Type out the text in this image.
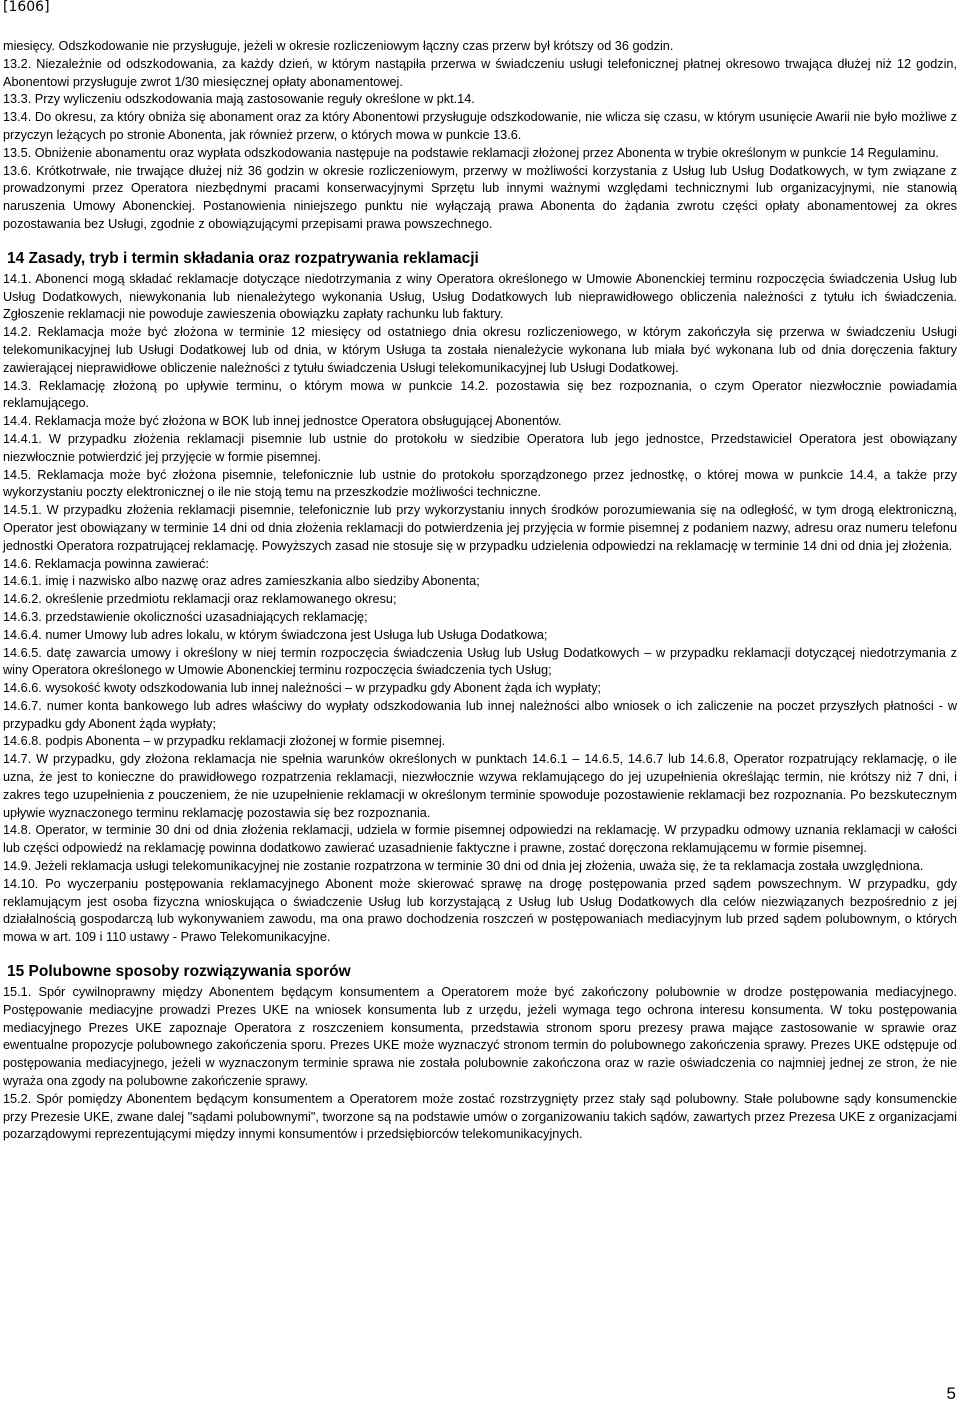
[1606]

miesięcy. Odszkodowanie nie przysługuje, jeżeli w okresie rozliczeniowym łączny czas przerw był krótszy od 36 godzin.

13.2. Niezależnie od odszkodowania, za każdy dzień, w którym nastąpiła przerwa w świadczeniu usługi telefonicznej płatnej okresowo trwająca dłużej niż 12 godzin, Abonentowi przysługuje zwrot 1/30 miesięcznej opłaty abonamentowej.

13.3. Przy wyliczeniu odszkodowania mają zastosowanie reguły określone w pkt.14.

13.4. Do okresu, za który obniża się abonament oraz za który Abonentowi przysługuje odszkodowanie, nie wlicza się czasu, w którym usunięcie Awarii nie było możliwe z przyczyn leżących po stronie Abonenta, jak również przerw, o których mowa w punkcie 13.6.

13.5. Obniżenie abonamentu oraz wypłata odszkodowania następuje na podstawie reklamacji złożonej przez Abonenta w trybie określonym w punkcie 14 Regulaminu.

13.6. Krótkotrwałe, nie trwające dłużej niż 36 godzin w okresie rozliczeniowym, przerwy w możliwości korzystania z Usług lub Usług Dodatkowych, w tym związane z prowadzonymi przez Operatora niezbędnymi pracami konserwacyjnymi Sprzętu lub innymi ważnymi względami technicznymi lub organizacyjnymi, nie stanowią naruszenia Umowy Abonenckiej. Postanowienia niniejszego punktu nie wyłączają prawa Abonenta do żądania zwrotu części opłaty abonamentowej za okres pozostawania bez Usługi, zgodnie z obowiązującymi przepisami prawa powszechnego.

14 Zasady, tryb i termin składania oraz rozpatrywania reklamacji

14.1. Abonenci mogą składać reklamacje dotyczące niedotrzymania z winy Operatora określonego w Umowie Abonenckiej terminu rozpoczęcia świadczenia Usług lub Usług Dodatkowych, niewykonania lub nienależytego wykonania Usług, Usług Dodatkowych lub nieprawidłowego obliczenia należności z tytułu ich świadczenia. Zgłoszenie reklamacji nie powoduje zawieszenia obowiązku zapłaty rachunku lub faktury.

14.2. Reklamacja może być złożona w terminie 12 miesięcy od ostatniego dnia okresu rozliczeniowego, w którym zakończyła się przerwa w świadczeniu Usługi telekomunikacyjnej lub Usługi Dodatkowej lub od dnia, w którym Usługa ta została nienależycie wykonana lub miała być wykonana lub od dnia doręczenia faktury zawierającej nieprawidłowe obliczenie należności z tytułu świadczenia Usługi telekomunikacyjnej lub Usługi Dodatkowej.

14.3. Reklamację złożoną po upływie terminu, o którym mowa w punkcie 14.2. pozostawia się bez rozpoznania, o czym Operator niezwłocznie powiadamia reklamującego.

14.4. Reklamacja może być złożona w BOK lub innej jednostce Operatora obsługującej Abonentów.

14.4.1. W przypadku złożenia reklamacji pisemnie lub ustnie do protokołu w siedzibie Operatora lub jego jednostce, Przedstawiciel Operatora jest obowiązany niezwłocznie potwierdzić jej przyjęcie w formie pisemnej.

14.5. Reklamacja może być złożona pisemnie, telefonicznie lub ustnie do protokołu sporządzonego przez jednostkę, o której mowa w punkcie 14.4, a także przy wykorzystaniu poczty elektronicznej o ile nie stoją temu na przeszkodzie możliwości techniczne.

14.5.1. W przypadku złożenia reklamacji pisemnie, telefonicznie lub przy wykorzystaniu innych środków porozumiewania się na odległość, w tym drogą elektroniczną, Operator jest obowiązany w terminie 14 dni od dnia złożenia reklamacji do potwierdzenia jej przyjęcia w formie pisemnej z podaniem nazwy, adresu oraz numeru telefonu jednostki Operatora rozpatrującej reklamację. Powyższych zasad nie stosuje się w przypadku udzielenia odpowiedzi na reklamację w terminie 14 dni od dnia jej złożenia.

14.6. Reklamacja powinna zawierać:

14.6.1. imię i nazwisko albo nazwę oraz adres zamieszkania albo siedziby Abonenta;

14.6.2. określenie przedmiotu reklamacji oraz reklamowanego okresu;

14.6.3. przedstawienie okoliczności uzasadniających reklamację;

14.6.4. numer Umowy lub adres lokalu, w którym świadczona jest Usługa lub Usługa Dodatkowa;

14.6.5. datę zawarcia umowy i określony w niej termin rozpoczęcia świadczenia Usług lub Usług Dodatkowych – w przypadku reklamacji dotyczącej niedotrzymania z winy Operatora określonego w Umowie Abonenckiej terminu rozpoczęcia świadczenia tych Usług;

14.6.6. wysokość kwoty odszkodowania lub innej należności – w przypadku gdy Abonent żąda ich wypłaty;

14.6.7. numer konta bankowego lub adres właściwy do wypłaty odszkodowania lub innej należności albo wniosek o ich zaliczenie na poczet przyszłych płatności - w przypadku gdy Abonent żąda wypłaty;

14.6.8. podpis Abonenta – w przypadku reklamacji złożonej w formie pisemnej.

14.7. W przypadku, gdy złożona reklamacja nie spełnia warunków określonych w punktach 14.6.1 – 14.6.5, 14.6.7 lub 14.6.8, Operator rozpatrujący reklamację, o ile uzna, że jest to konieczne do prawidłowego rozpatrzenia reklamacji, niezwłocznie wzywa reklamującego do jej uzupełnienia określając termin, nie krótszy niż 7 dni, i zakres tego uzupełnienia z pouczeniem, że nie uzupełnienie reklamacji w określonym terminie spowoduje pozostawienie reklamacji bez rozpoznania. Po bezskutecznym upływie wyznaczonego terminu reklamację pozostawia się bez rozpoznania.

14.8. Operator, w terminie 30 dni od dnia złożenia reklamacji, udziela w formie pisemnej odpowiedzi na reklamację. W przypadku odmowy uznania reklamacji w całości lub części odpowiedź na reklamację powinna dodatkowo zawierać uzasadnienie faktyczne i prawne, zostać doręczona reklamującemu w formie pisemnej.

14.9. Jeżeli reklamacja usługi telekomunikacyjnej nie zostanie rozpatrzona w terminie 30 dni od dnia jej złożenia, uważa się, że ta reklamacja została uwzględniona.

14.10. Po wyczerpaniu postępowania reklamacyjnego Abonent może skierować sprawę na drogę postępowania przed sądem powszechnym. W przypadku, gdy reklamującym jest osoba fizyczna wnioskująca o świadczenie Usług lub korzystającą z Usług lub Usług Dodatkowych dla celów niezwiązanych bezpośrednio z jej działalnością gospodarczą lub wykonywaniem zawodu, ma ona prawo dochodzenia roszczeń w postępowaniach mediacyjnym lub przed sądem polubownym, o których mowa w art. 109 i 110 ustawy - Prawo Telekomunikacyjne.

15 Polubowne sposoby rozwiązywania sporów

15.1. Spór cywilnoprawny między Abonentem będącym konsumentem a Operatorem może być zakończony polubownie w drodze postępowania mediacyjnego. Postępowanie mediacyjne prowadzi Prezes UKE na wniosek konsumenta lub z urzędu, jeżeli wymaga tego ochrona interesu konsumenta. W toku postępowania mediacyjnego Prezes UKE zapoznaje Operatora z roszczeniem konsumenta, przedstawia stronom sporu prezesy prawa mające zastosowanie w sprawie oraz ewentualne propozycje polubownego zakończenia sporu. Prezes UKE może wyznaczyć stronom termin do polubownego zakończenia sprawy. Prezes UKE odstępuje od postępowania mediacyjnego, jeżeli w wyznaczonym terminie sprawa nie została polubownie zakończona oraz w razie oświadczenia co najmniej jednej ze stron, że nie wyraża ona zgody na polubowne zakończenie sprawy.

15.2. Spór pomiędzy Abonentem będącym konsumentem a Operatorem może zostać rozstrzygnięty przez stały sąd polubowny. Stałe polubowne sądy konsumenckie przy Prezesie UKE, zwane dalej "sądami polubownymi", tworzone są na podstawie umów o zorganizowaniu takich sądów, zawartych przez Prezesa UKE z organizacjami pozarządowymi reprezentującymi między innymi konsumentów i przedsiębiorców telekomunikacyjnych.

5
